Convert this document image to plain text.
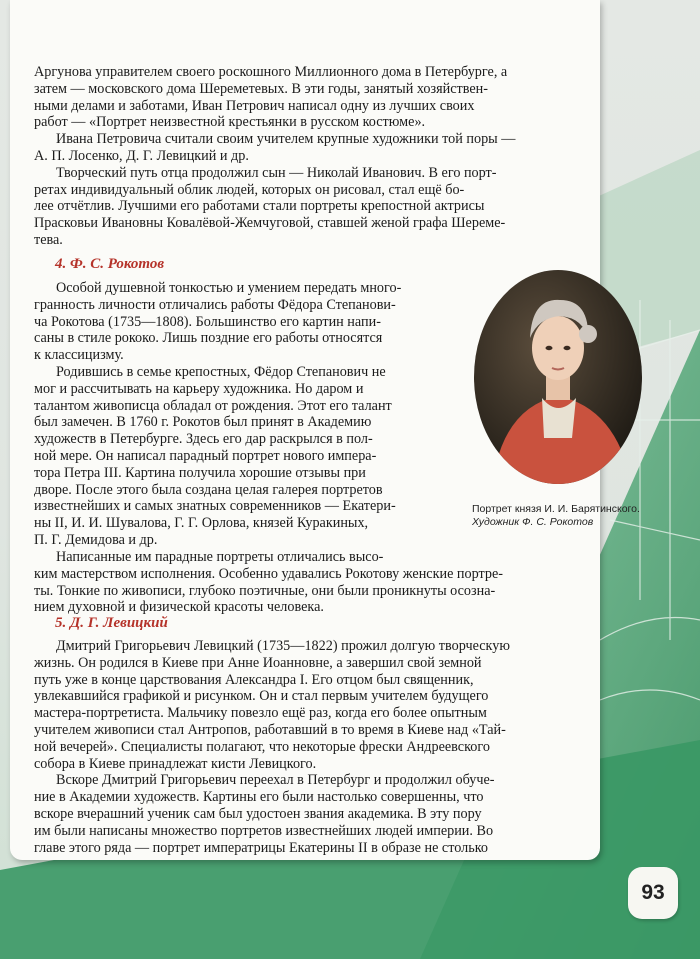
Аргунова управителем своего роскошного Миллионного дома в Петербурге, а
затем — московского дома Шереметевых. В эти годы, занятый хозяйствен-
ными делами и заботами, Иван Петрович написал одну из лучших своих
работ — «Портрет неизвестной крестьянки в русском костюме».

Ивана Петровича считали своим учителем крупные художники той поры —
А. П. Лосенко, Д. Г. Левицкий и др.

Творческий путь отца продолжил сын — Николай Иванович. В его порт-
ретах индивидуальный облик людей, которых он рисовал, стал ещё бо-
лее отчётлив. Лучшими его работами стали портреты крепостной актрисы
Прасковьи Ивановны Ковалёвой-Жемчуговой, ставшей женой графа Шереме-
тева.

4. Ф. С. Рокотов

Особой душевной тонкостью и умением передать много-
гранность личности отличались работы Фёдора Степанови-
ча Рокотова (1735—1808). Большинство его картин напи-
саны в стиле рококо. Лишь поздние его работы относятся
к классицизму.

Родившись в семье крепостных, Фёдор Степанович не
мог и рассчитывать на карьеру художника. Но даром и
талантом живописца обладал от рождения. Этот его талант
был замечен. В 1760 г. Рокотов был принят в Академию
художеств в Петербурге. Здесь его дар раскрылся в пол-
ной мере. Он написал парадный портрет нового импера-
тора Петра III. Картина получила хорошие отзывы при
дворе. После этого была создана целая галерея портретов
известнейших и самых знатных современников — Екатери-
ны II, И. И. Шувалова, Г. Г. Орлова, князей Куракиных,
П. Г. Демидова и др.

Написанные им парадные портреты отличались высо-
ким мастерством исполнения. Особенно удавались Рокотову женские портре-
ты. Тонкие по живописи, глубоко поэтичные, они были проникнуты осозна-
нием духовной и физической красоты человека.

Портрет князя И. И. Барятинского.
Художник Ф. С. Рокотов
5. Д. Г. Левицкий

Дмитрий Григорьевич Левицкий (1735—1822) прожил долгую творческую
жизнь. Он родился в Киеве при Анне Иоанновне, а завершил свой земной
путь уже в конце царствования Александра I. Его отцом был священник,
увлекавшийся графикой и рисунком. Он и стал первым учителем будущего
мастера-портретиста. Мальчику повезло ещё раз, когда его более опытным
учителем живописи стал Антропов, работавший в то время в Киеве над «Тай-
ной вечерей». Специалисты полагают, что некоторые фрески Андреевского
собора в Киеве принадлежат кисти Левицкого.

Вскоре Дмитрий Григорьевич переехал в Петербург и продолжил обуче-
ние в Академии художеств. Картины его были настолько совершенны, что
вскоре вчерашний ученик сам был удостоен звания академика. В эту пору
им были написаны множество портретов известнейших людей империи. Во
главе этого ряда — портрет императрицы Екатерины II в образе не столько

93
